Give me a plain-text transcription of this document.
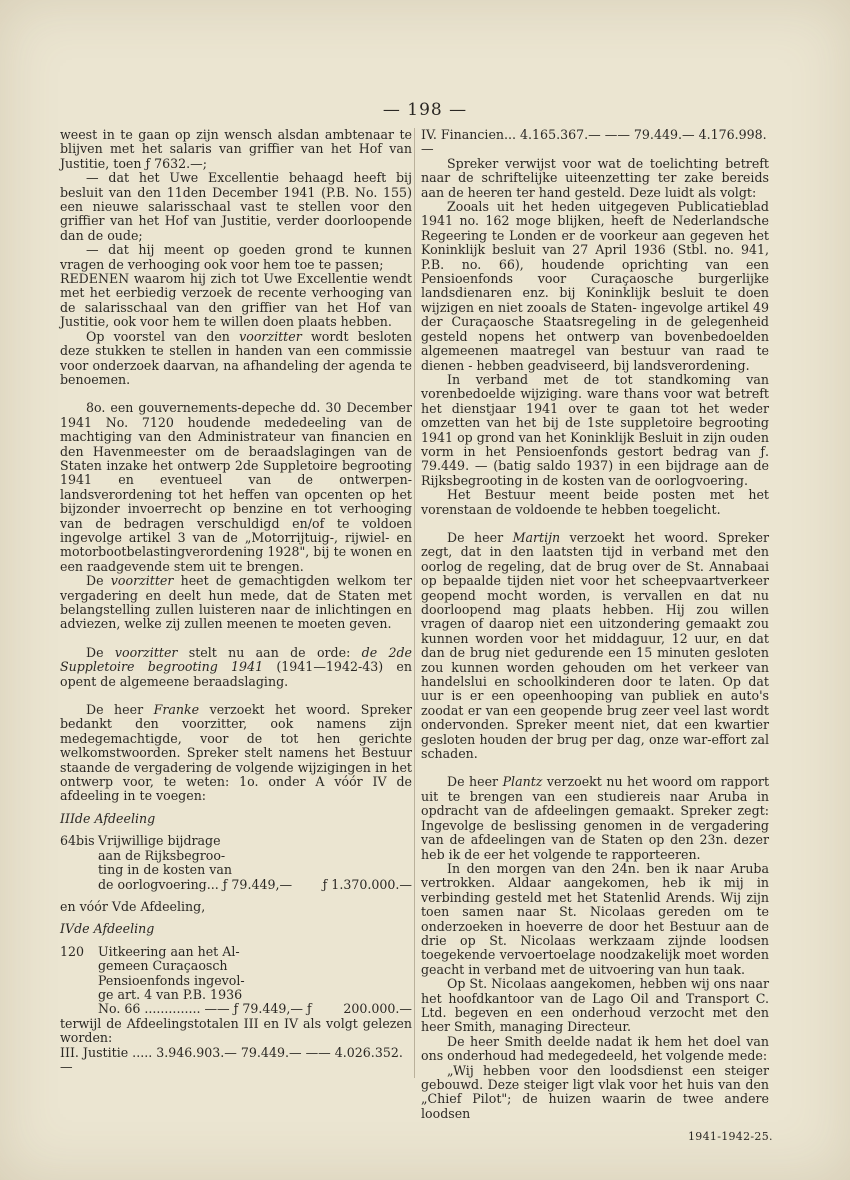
— 198 —

weest in te gaan op zijn wensch alsdan ambtenaar te blijven met het salaris van griffier van het Hof van Justitie, toen ƒ 7632.—;

— dat het Uwe Excellentie behaagd heeft bij besluit van den 11den December 1941 (P.B. No. 155) een nieuwe salarisschaal vast te stellen voor den griffier van het Hof van Justitie, verder doorloopende dan de oude;

— dat hij meent op goeden grond te kunnen vragen de verhooging ook voor hem toe te passen;

REDENEN waarom hij zich tot Uwe Excellentie wendt met het eerbiedig verzoek de recente verhooging van de salarisschaal van den griffier van het Hof van Justitie, ook voor hem te willen doen plaats hebben.

Op voorstel van den voorzitter wordt besloten deze stukken te stellen in handen van een commissie voor onderzoek daarvan, na afhandeling der agenda te benoemen.

8o. een gouvernements-depeche dd. 30 December 1941 No. 7120 houdende mededeeling van de machtiging van den Administrateur van financien en den Havenmeester om de beraadslagingen van de Staten inzake het ontwerp 2de Suppletoire begrooting 1941 en eventueel van de ontwerpen-landsverordening tot het heffen van opcenten op het bijzonder invoerrecht op benzine en tot verhooging van de bedragen verschuldigd en/of te voldoen ingevolge artikel 3 van de „Motorrijtuig-, rijwiel- en motorbootbelastingverordening 1928", bij te wonen en een raadgevende stem uit te brengen.

De voorzitter heet de gemachtigden welkom ter vergadering en deelt hun mede, dat de Staten met belangstelling zullen luisteren naar de inlichtingen en adviezen, welke zij zullen meenen te moeten geven.

De voorzitter stelt nu aan de orde: de 2de Suppletoire begrooting 1941 (1941—1942-43) en opent de algemeene beraadslaging.

De heer Franke verzoekt het woord. Spreker bedankt den voorzitter, ook namens zijn medegemachtigde, voor de tot hen gerichte welkomstwoorden. Spreker stelt namens het Bestuur staande de vergadering de volgende wijzigingen in het ontwerp voor, te weten: 1o. onder A vóór IV de afdeeling in te voegen:

IIIde Afdeeling

64bis Vrijwillige bijdrage
aan de Rijksbegroo-
ting in de kosten van
de oorlogvoering... ƒ 79.449,— ƒ 1.370.000.—

en vóór Vde Afdeeling,

IVde Afdeeling

120	Uitkeering aan het Al-
gemeen Curaçaosch
Pensioenfonds ingevol-
ge art. 4 van P.B. 1936
No. 66 .............. —— ƒ 79.449,— ƒ	200.000.—

terwijl de Afdeelingstotalen III en IV als volgt gelezen worden:

III. Justitie ..... 3.946.903.— 79.449.— —— 4.026.352.—

IV. Financien... 4.165.367.— —— 79.449.— 4.176.998.—

Spreker verwijst voor wat de toelichting betreft naar de schriftelijke uiteenzetting ter zake bereids aan de heeren ter hand gesteld. Deze luidt als volgt:

Zooals uit het heden uitgegeven Publicatieblad 1941 no. 162 moge blijken, heeft de Nederlandsche Regeering te Londen er de voorkeur aan gegeven het Koninklijk besluit van 27 April 1936 (Stbl. no. 941, P.B. no. 66), houdende oprichting van een Pensioenfonds voor Curaçaosche burgerlijke landsdienaren enz. bij Koninklijk besluit te doen wijzigen en niet zooals de Staten- ingevolge artikel 49 der Curaçaosche Staatsregeling in de gelegenheid gesteld nopens het ontwerp van bovenbedoelden algemeenen maatregel van bestuur van raad te dienen - hebben geadviseerd, bij landsverordening.

In verband met de tot standkoming van vorenbedoelde wijziging. ware thans voor wat betreft het dienstjaar 1941 over te gaan tot het weder omzetten van het bij de 1ste suppletoire begrooting 1941 op grond van het Koninklijk Besluit in zijn ouden vorm in het Pensioenfonds gestort bedrag van ƒ. 79.449. — (batig saldo 1937) in een bijdrage aan de Rijksbegrooting in de kosten van de oorlogvoering.

Het Bestuur meent beide posten met het vorenstaan de voldoende te hebben toegelicht.

De heer Martijn verzoekt het woord. Spreker zegt, dat in den laatsten tijd in verband met den oorlog de regeling, dat de brug over de St. Annabaai op bepaalde tijden niet voor het scheepvaartverkeer geopend mocht worden, is vervallen en dat nu doorloopend mag plaats hebben. Hij zou willen vragen of daarop niet een uitzondering gemaakt zou kunnen worden voor het middaguur, 12 uur, en dat dan de brug niet gedurende een 15 minuten gesloten zou kunnen worden gehouden om het verkeer van handelslui en schoolkinderen door te laten. Op dat uur is er een opeenhooping van publiek en auto's zoodat er van een geopende brug zeer veel last wordt ondervonden. Spreker meent niet, dat een kwartier gesloten houden der brug per dag, onze war-effort zal schaden.

De heer Plantz verzoekt nu het woord om rapport uit te brengen van een studiereis naar Aruba in opdracht van de afdeelingen gemaakt. Spreker zegt: Ingevolge de beslissing genomen in de vergadering van de afdeelingen van de Staten op den 23n. dezer heb ik de eer het volgende te rapporteeren.

In den morgen van den 24n. ben ik naar Aruba vertrokken. Aldaar aangekomen, heb ik mij in verbinding gesteld met het Statenlid Arends. Wij zijn toen samen naar St. Nicolaas gereden om te onderzoeken in hoeverre de door het Bestuur aan de drie op St. Nicolaas werkzaam zijnde loodsen toegekende vervoertoelage noodzakelijk moet worden geacht in verband met de uitvoering van hun taak.

Op St. Nicolaas aangekomen, hebben wij ons naar het hoofdkantoor van de Lago Oil and Transport C. Ltd. begeven en een onderhoud verzocht met den heer Smith, managing Directeur.

De heer Smith deelde nadat ik hem het doel van ons onderhoud had medegedeeld, het volgende mede:

„Wij hebben voor den loodsdienst een steiger gebouwd. Deze steiger ligt vlak voor het huis van den „Chief Pilot"; de huizen waarin de twee andere loodsen

1941-1942-25.
